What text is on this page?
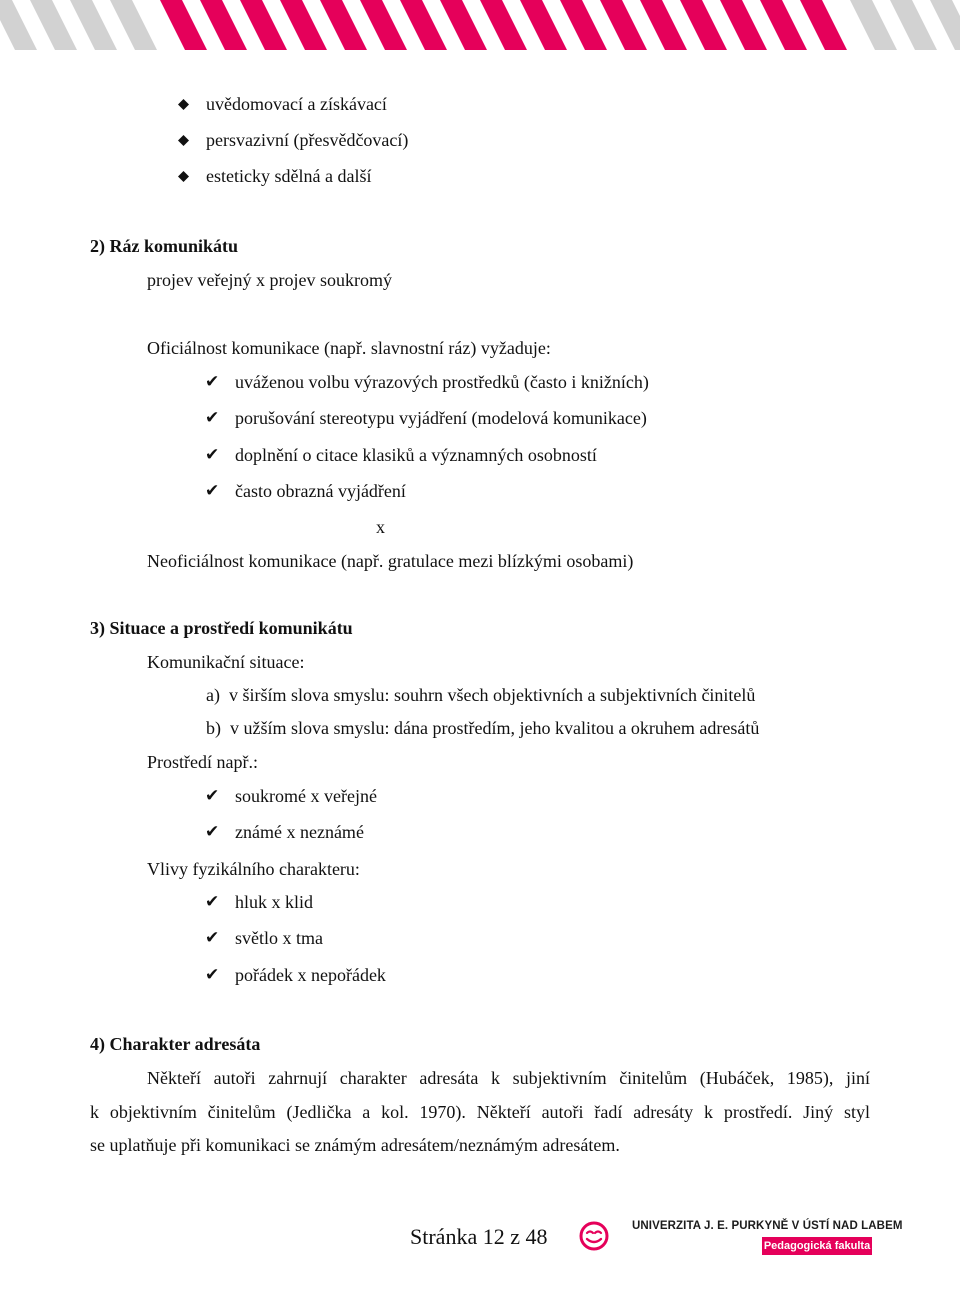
uvědomovací a získávací
persvazivní (přesvědčovací)
esteticky sdělná a další
2) Ráz komunikátu
projev veřejný x projev soukromý
Oficiálnost komunikace (např. slavnostní ráz) vyžaduje:
✔ uváženou volbu výrazových prostředků (často i knižních)
✔ porušování stereotypu vyjádření (modelová komunikace)
✔ doplnění o citace klasiků a významných osobností
✔ často obrazná vyjádření
x
Neoficiálnost komunikace (např. gratulace mezi blízkými osobami)
3) Situace a prostředí komunikátu
Komunikační situace:
a)  v širším slova smyslu: souhrn všech objektivních a subjektivních činitelů
b)  v užším slova smyslu: dána prostředím, jeho kvalitou a okruhem adresátů
Prostředí např.:
✔ soukromé x veřejné
✔ známé x neznámé
Vlivy fyzikálního charakteru:
✔ hluk x klid
✔ světlo x tma
✔ pořádek x nepořádek
4) Charakter adresáta
Někteří autoři zahrnují charakter adresáta k subjektivním činitelům (Hubáček, 1985), jiní
k objektivním činitelům (Jedlička a kol. 1970). Někteří autoři řadí adresáty k prostředí. Jiný styl
se uplatňuje při komunikaci se známým adresátem/neznámým adresátem.
Stránka 12 z 48	UNIVERZITA J. E. PURKYNĚ V ÚSTÍ NAD LABEM
Pedagogická fakulta
